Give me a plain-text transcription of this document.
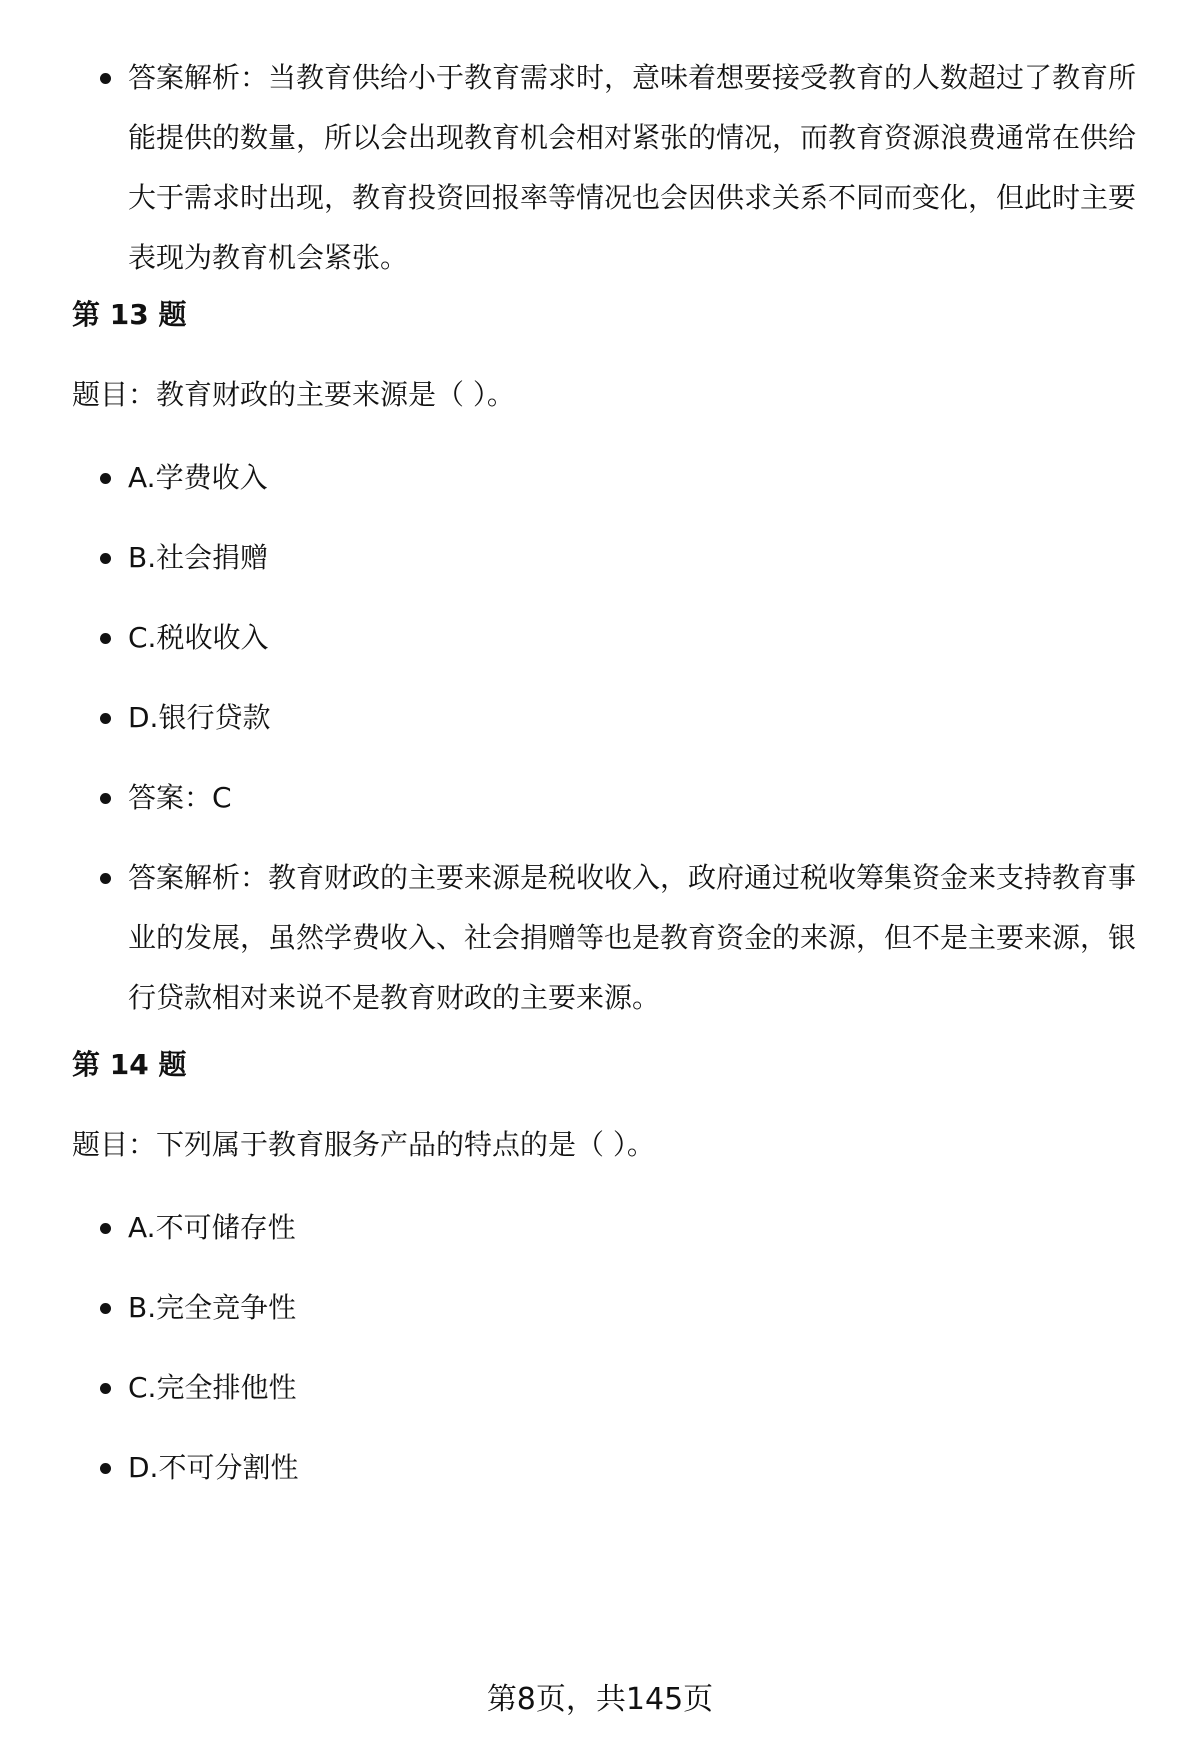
答案解析：当教育供给小于教育需求时，意味着想要接受教育的人数超过了教育所能提供的数量，所以会出现教育机会相对紧张的情况，而教育资源浪费通常在供给大于需求时出现，教育投资回报率等情况也会因供求关系不同而变化，但此时主要表现为教育机会紧张。
第 13 题
题目：教育财政的主要来源是（ ）。
A.学费收入
B.社会捐赠
C.税收收入
D.银行贷款
答案：C
答案解析：教育财政的主要来源是税收收入，政府通过税收筹集资金来支持教育事业的发展，虽然学费收入、社会捐赠等也是教育资金的来源，但不是主要来源，银行贷款相对来说不是教育财政的主要来源。
第 14 题
题目：下列属于教育服务产品的特点的是（ ）。
A.不可储存性
B.完全竞争性
C.完全排他性
D.不可分割性
第8页，共145页
